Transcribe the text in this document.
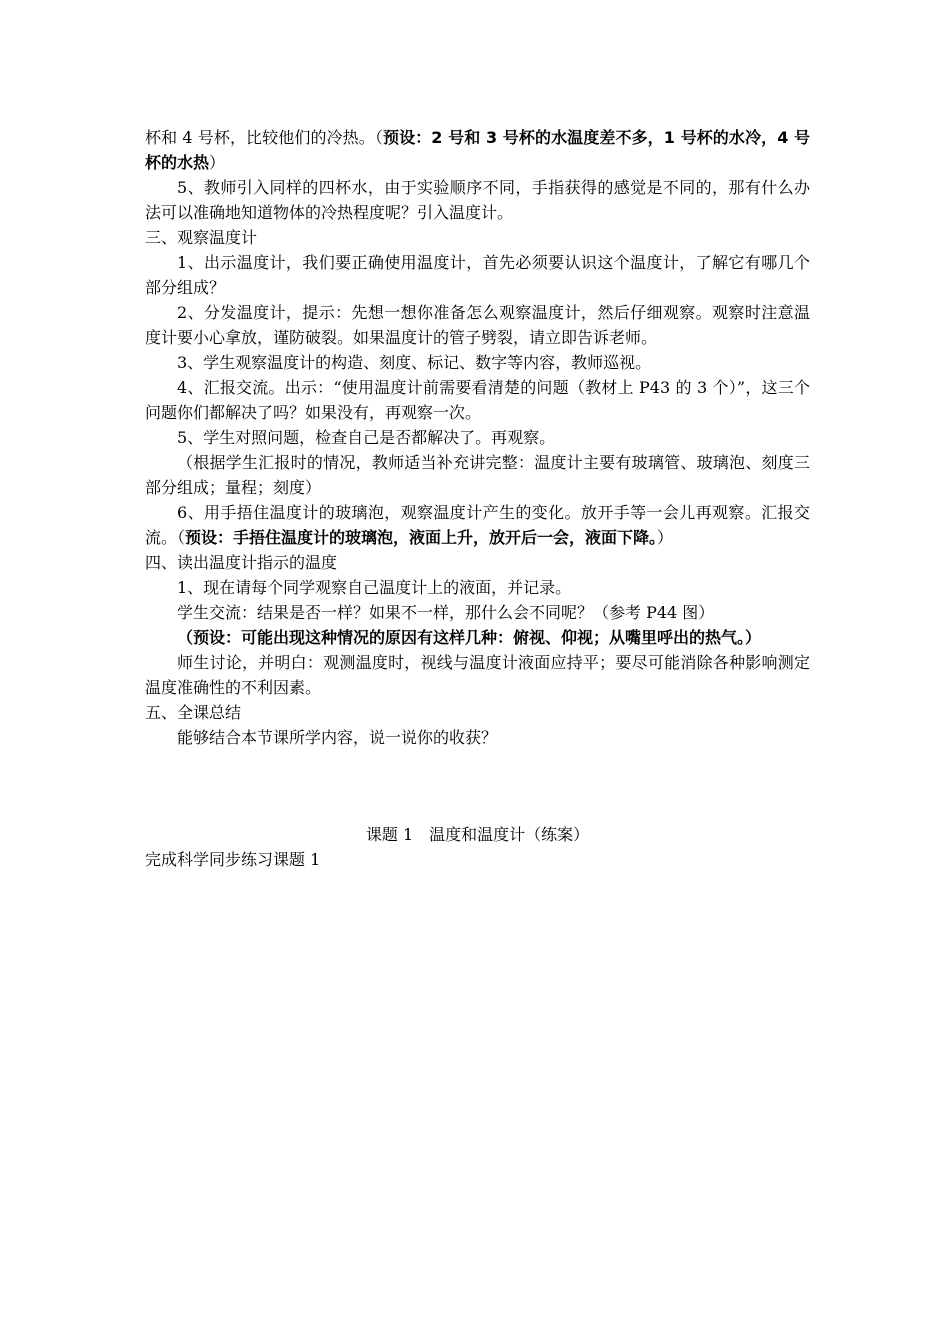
杯和 4 号杯，比较他们的冷热。（预设：2 号和 3 号杯的水温度差不多，1 号杯的水冷，4 号杯的水热）

5、教师引入同样的四杯水，由于实验顺序不同，手指获得的感觉是不同的，那有什么办法可以准确地知道物体的冷热程度呢？引入温度计。

三、观察温度计

1、出示温度计，我们要正确使用温度计，首先必须要认识这个温度计，了解它有哪几个部分组成？

2、分发温度计，提示：先想一想你准备怎么观察温度计，然后仔细观察。观察时注意温度计要小心拿放，谨防破裂。如果温度计的管子劈裂，请立即告诉老师。

3、学生观察温度计的构造、刻度、标记、数字等内容，教师巡视。

4、汇报交流。出示：“使用温度计前需要看清楚的问题（教材上 P43 的 3 个）”，这三个问题你们都解决了吗？如果没有，再观察一次。

5、学生对照问题，检查自己是否都解决了。再观察。

（根据学生汇报时的情况，教师适当补充讲完整：温度计主要有玻璃管、玻璃泡、刻度三部分组成；量程；刻度）

6、用手捂住温度计的玻璃泡，观察温度计产生的变化。放开手等一会儿再观察。汇报交流。（预设：手捂住温度计的玻璃泡，液面上升，放开后一会，液面下降。）

四、读出温度计指示的温度

1、现在请每个同学观察自己温度计上的液面，并记录。

学生交流：结果是否一样？如果不一样，那什么会不同呢？（参考 P44 图）

（预设：可能出现这种情况的原因有这样几种：俯视、仰视；从嘴里呼出的热气。）

师生讨论，并明白：观测温度时，视线与温度计液面应持平；要尽可能消除各种影响测定温度准确性的不利因素。

五、全课总结

能够结合本节课所学内容，说一说你的收获？

课题 1　温度和温度计（练案）

完成科学同步练习课题 1
